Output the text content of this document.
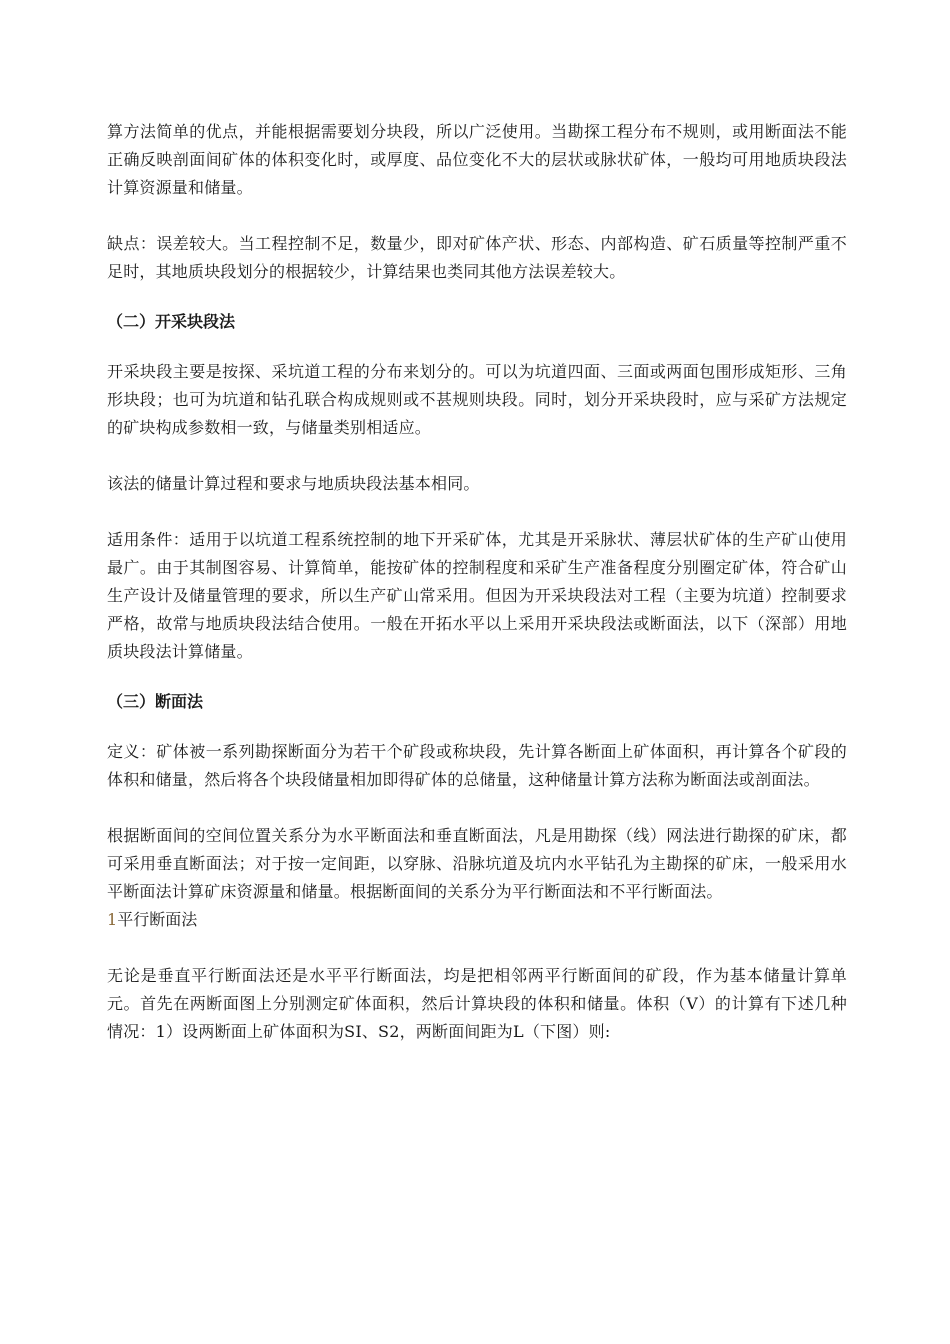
算方法简单的优点，并能根据需要划分块段，所以广泛使用。当勘探工程分布不规则，或用断面法不能正确反映剖面间矿体的体积变化时，或厚度、品位变化不大的层状或脉状矿体，一般均可用地质块段法计算资源量和储量。

缺点：误差较大。当工程控制不足，数量少，即对矿体产状、形态、内部构造、矿石质量等控制严重不足时，其地质块段划分的根据较少，计算结果也类同其他方法误差较大。

（二）开采块段法

开采块段主要是按探、采坑道工程的分布来划分的。可以为坑道四面、三面或两面包围形成矩形、三角形块段；也可为坑道和钻孔联合构成规则或不甚规则块段。同时，划分开采块段时，应与采矿方法规定的矿块构成参数相一致，与储量类别相适应。

该法的储量计算过程和要求与地质块段法基本相同。

适用条件：适用于以坑道工程系统控制的地下开采矿体，尤其是开采脉状、薄层状矿体的生产矿山使用最广。由于其制图容易、计算简单，能按矿体的控制程度和采矿生产准备程度分别圈定矿体，符合矿山生产设计及储量管理的要求，所以生产矿山常采用。但因为开采块段法对工程（主要为坑道）控制要求严格，故常与地质块段法结合使用。一般在开拓水平以上采用开采块段法或断面法，以下（深部）用地质块段法计算储量。

（三）断面法

定义：矿体被一系列勘探断面分为若干个矿段或称块段，先计算各断面上矿体面积，再计算各个矿段的体积和储量，然后将各个块段储量相加即得矿体的总储量，这种储量计算方法称为断面法或剖面法。

根据断面间的空间位置关系分为水平断面法和垂直断面法，凡是用勘探（线）网法进行勘探的矿床，都可采用垂直断面法；对于按一定间距，以穿脉、沿脉坑道及坑内水平钻孔为主勘探的矿床，一般采用水平断面法计算矿床资源量和储量。根据断面间的关系分为平行断面法和不平行断面法。

1平行断面法

无论是垂直平行断面法还是水平平行断面法，均是把相邻两平行断面间的矿段，作为基本储量计算单元。首先在两断面图上分别测定矿体面积，然后计算块段的体积和储量。体积（V）的计算有下述几种情况：1）设两断面上矿体面积为SI、S2，两断面间距为L（下图）则:
